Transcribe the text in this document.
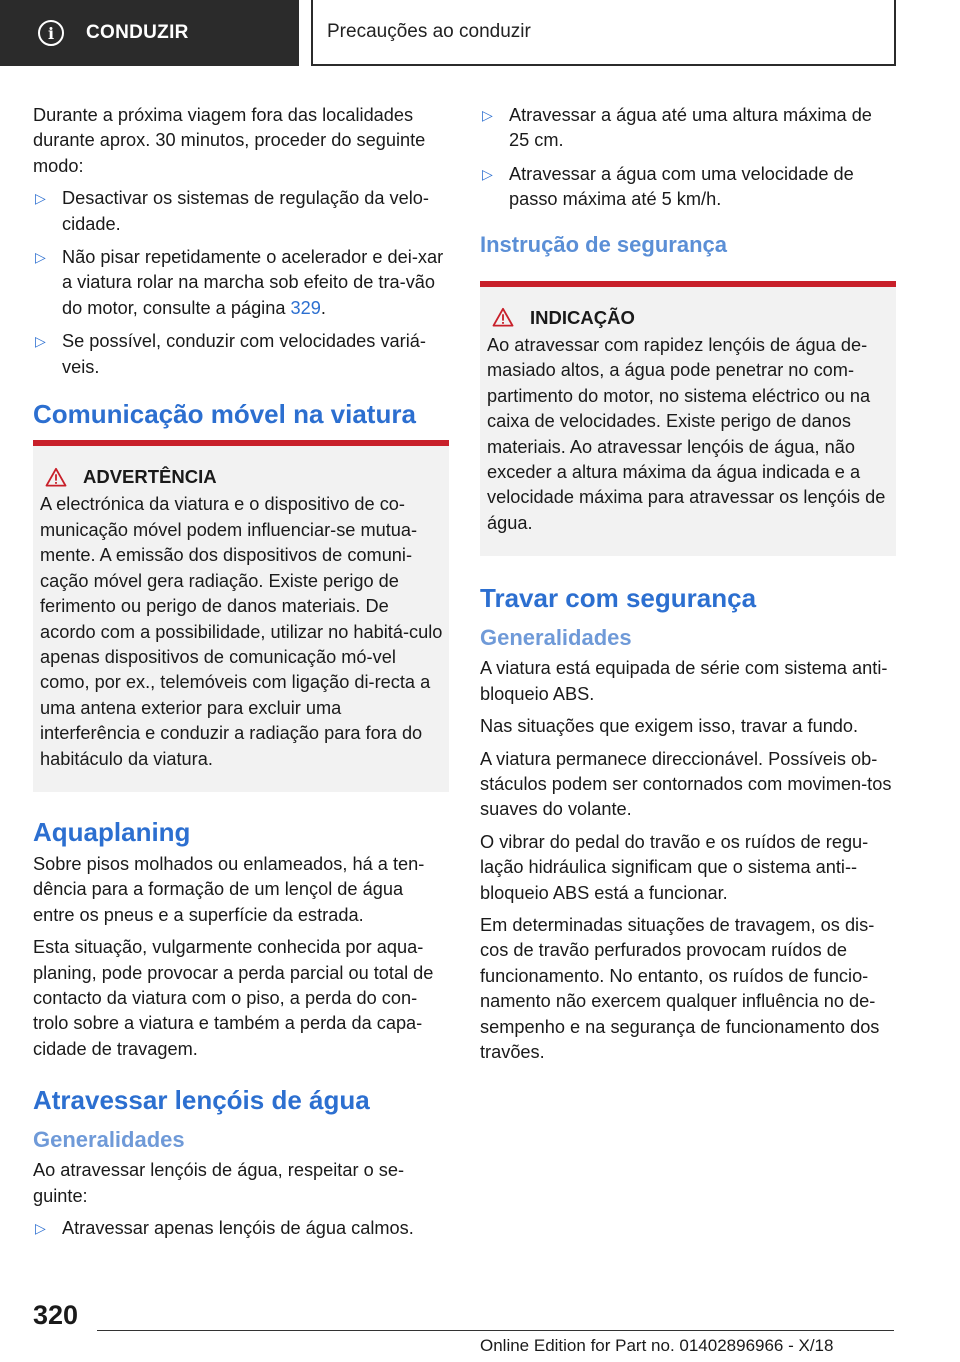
i	CONDUZIR	Precauções ao conduzir

Durante a próxima viagem fora das localidades durante aprox. 30 minutos, proceder do seguinte modo:

▷ Desactivar os sistemas de regulação da velo-cidade.
▷ Não pisar repetidamente o acelerador e dei-xar a viatura rolar na marcha sob efeito de tra-vão do motor, consulte a página 329.
▷ Se possível, conduzir com velocidades variá-veis.
Comunicação móvel na viatura
ADVERTÊNCIA

A electrónica da viatura e o dispositivo de co-municação móvel podem influenciar-se mutua-mente. A emissão dos dispositivos de comuni-cação móvel gera radiação. Existe perigo de ferimento ou perigo de danos materiais. De acordo com a possibilidade, utilizar no habitá-culo apenas dispositivos de comunicação mó-vel como, por ex., telemóveis com ligação di-recta a uma antena exterior para excluir uma interferência e conduzir a radiação para fora do habitáculo da viatura.

Aquaplaning

Sobre pisos molhados ou enlameados, há a ten-dência para a formação de um lençol de água entre os pneus e a superfície da estrada.

Esta situação, vulgarmente conhecida por aqua-planing, pode provocar a perda parcial ou total de contacto da viatura com o piso, a perda do con-trolo sobre a viatura e também a perda da capa-cidade de travagem.

Atravessar lençóis de água
Generalidades

Ao atravessar lençóis de água, respeitar o se-guinte:

▷ Atravessar apenas lençóis de água calmos.
▷ Atravessar a água até uma altura máxima de 25 cm.
▷ Atravessar a água com uma velocidade de passo máxima até 5 km/h.
Instrução de segurança
INDICAÇÃO

Ao atravessar com rapidez lençóis de água de-masiado altos, a água pode penetrar no com-partimento do motor, no sistema eléctrico ou na caixa de velocidades. Existe perigo de danos materiais. Ao atravessar lençóis de água, não exceder a altura máxima da água indicada e a velocidade máxima para atravessar os lençóis de água.

Travar com segurança
Generalidades

A viatura está equipada de série com sistema anti-bloqueio ABS.

Nas situações que exigem isso, travar a fundo.

A viatura permanece direccionável. Possíveis ob-stáculos podem ser contornados com movimen-tos suaves do volante.

O vibrar do pedal do travão e os ruídos de regu-lação hidráulica significam que o sistema anti--bloqueio ABS está a funcionar.

Em determinadas situações de travagem, os dis-cos de travão perfurados provocam ruídos de funcionamento. No entanto, os ruídos de funcio-namento não exercem qualquer influência no de-sempenho e na segurança de funcionamento dos travões.

320
Online Edition for Part no. 01402896966 - X/18
